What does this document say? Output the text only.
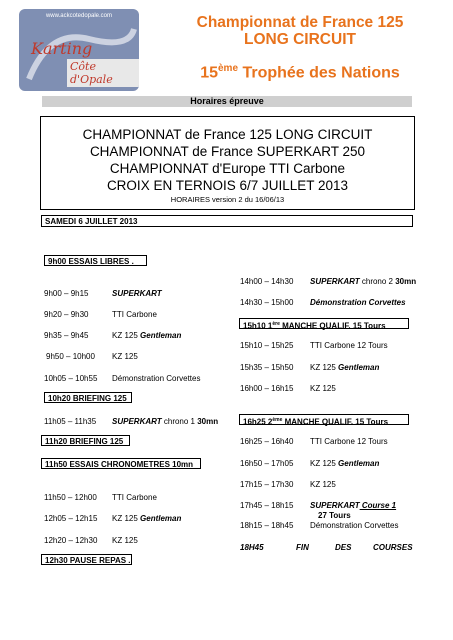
www.ackcotedopale.com
Karting
Côte d'Opale
Championnat de France 125
LONG CIRCUIT
15ème Trophée des Nations
Horaires épreuve
CHAMPIONNAT de France 125 LONG CIRCUIT
CHAMPIONNAT de France SUPERKART 250
CHAMPIONNAT d'Europe TTI Carbone
CROIX EN TERNOIS 6/7 JUILLET 2013
HORAIRES version 2 du 16/06/13
SAMEDI 6 JUILLET 2013
9h00 ESSAIS LIBRES .
9h00 – 9h15	SUPERKART
9h20 – 9h30	TTI Carbone
9h35 – 9h45	KZ 125 Gentleman
9h50 – 10h00 KZ 125
10h05 – 10h55 Démonstration Corvettes
10h20 BRIEFING 125
11h05 – 11h35 SUPERKART chrono 1 30mn
11h20 BRIEFING 125
11h50 ESSAIS CHRONOMETRES 10mn
11h50 – 12h00 TTI Carbone
12h05 – 12h15 KZ 125 Gentleman
12h20 – 12h30 KZ 125
12h30 PAUSE REPAS .
14h00 – 14h30 SUPERKART chrono 2 30mn
14h30 – 15h00 Démonstration Corvettes
15h10 1ère MANCHE QUALIF. 15 Tours
15h10 – 15h25 TTI Carbone 12 Tours
15h35 – 15h50 KZ 125 Gentleman
16h00 – 16h15 KZ 125
16h25 2ème MANCHE QUALIF. 15 Tours
16h25 – 16h40 TTI Carbone 12 Tours
16h50 – 17h05 KZ 125 Gentleman
17h15 – 17h30 KZ 125
17h45 – 18h15 SUPERKART Course 1
27 Tours
18h15 – 18h45 Démonstration Corvettes
18H45	FIN	DES	COURSES
